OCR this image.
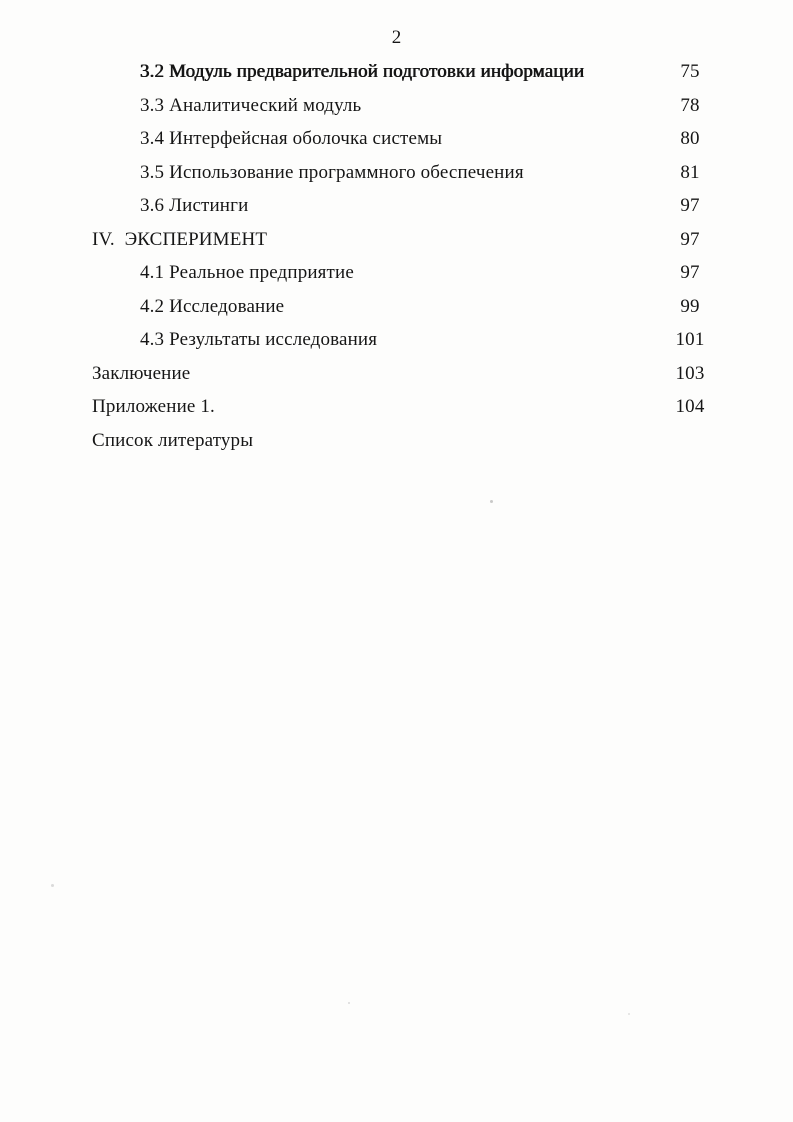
2
3.2 Модуль предварительной подготовки информации	75
3.3 Аналитический модуль	78
3.4 Интерфейсная оболочка системы	80
3.5 Использование программного обеспечения	81
3.6 Листинги	97
IV.  ЭКСПЕРИМЕНТ	97
4.1 Реальное предприятие	97
4.2 Исследование	99
4.3 Результаты исследования	101
Заключение	103
Приложение 1.	104
Список литературы
